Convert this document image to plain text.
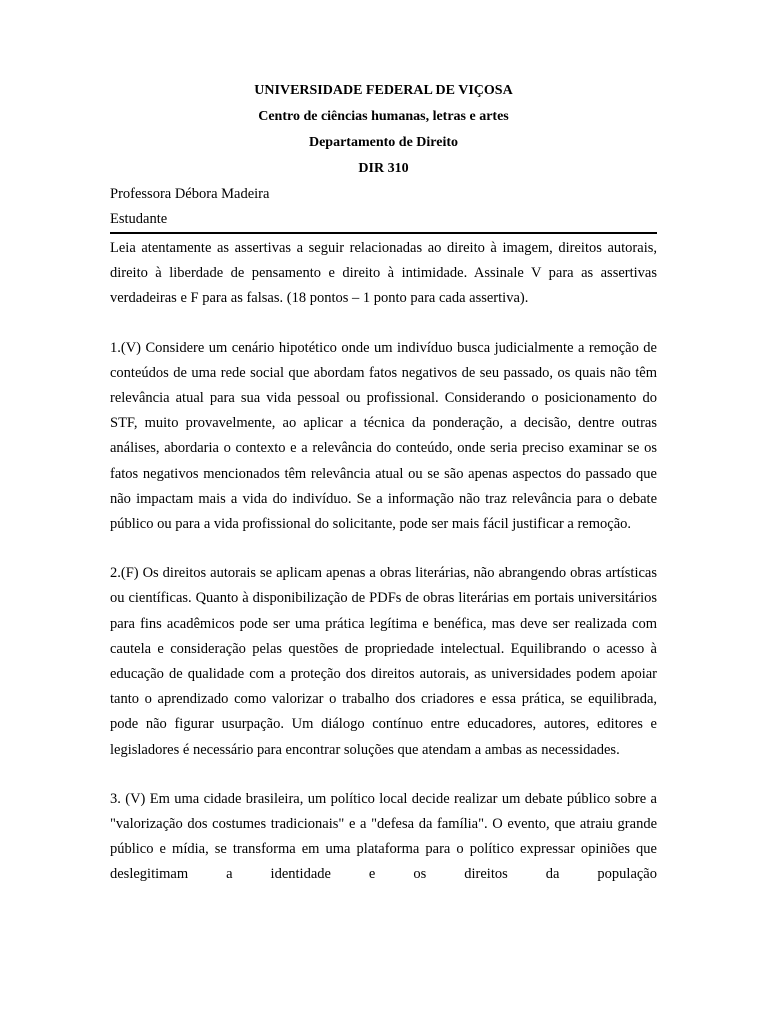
UNIVERSIDADE FEDERAL DE VIÇOSA

Centro de ciências humanas, letras e artes

Departamento de Direito

DIR 310

Professora Débora Madeira

Estudante

Leia atentamente as assertivas a seguir relacionadas ao direito à imagem, direitos autorais, direito à liberdade de pensamento e direito à intimidade. Assinale V para as assertivas verdadeiras e F para as falsas. (18 pontos – 1 ponto para cada assertiva).

1.(V) Considere um cenário hipotético onde um indivíduo busca judicialmente a remoção de conteúdos de uma rede social que abordam fatos negativos de seu passado, os quais não têm relevância atual para sua vida pessoal ou profissional. Considerando o posicionamento do STF, muito provavelmente, ao aplicar a técnica da ponderação, a decisão, dentre outras análises, abordaria o contexto e a relevância do conteúdo, onde seria preciso examinar se os fatos negativos mencionados têm relevância atual ou se são apenas aspectos do passado que não impactam mais a vida do indivíduo. Se a informação não traz relevância para o debate público ou para a vida profissional do solicitante, pode ser mais fácil justificar a remoção.

2.(F) Os direitos autorais se aplicam apenas a obras literárias, não abrangendo obras artísticas ou científicas. Quanto à disponibilização de PDFs de obras literárias em portais universitários para fins acadêmicos pode ser uma prática legítima e benéfica, mas deve ser realizada com cautela e consideração pelas questões de propriedade intelectual. Equilibrando o acesso à educação de qualidade com a proteção dos direitos autorais, as universidades podem apoiar tanto o aprendizado como valorizar o trabalho dos criadores e essa prática, se equilibrada, pode não figurar usurpação. Um diálogo contínuo entre educadores, autores, editores e legisladores é necessário para encontrar soluções que atendam a ambas as necessidades.

3. (V) Em uma cidade brasileira, um político local decide realizar um debate público sobre a "valorização dos costumes tradicionais" e a "defesa da família". O evento, que atraiu grande público e mídia, se transforma em uma plataforma para o político expressar opiniões que deslegitimam a identidade e os direitos da população
